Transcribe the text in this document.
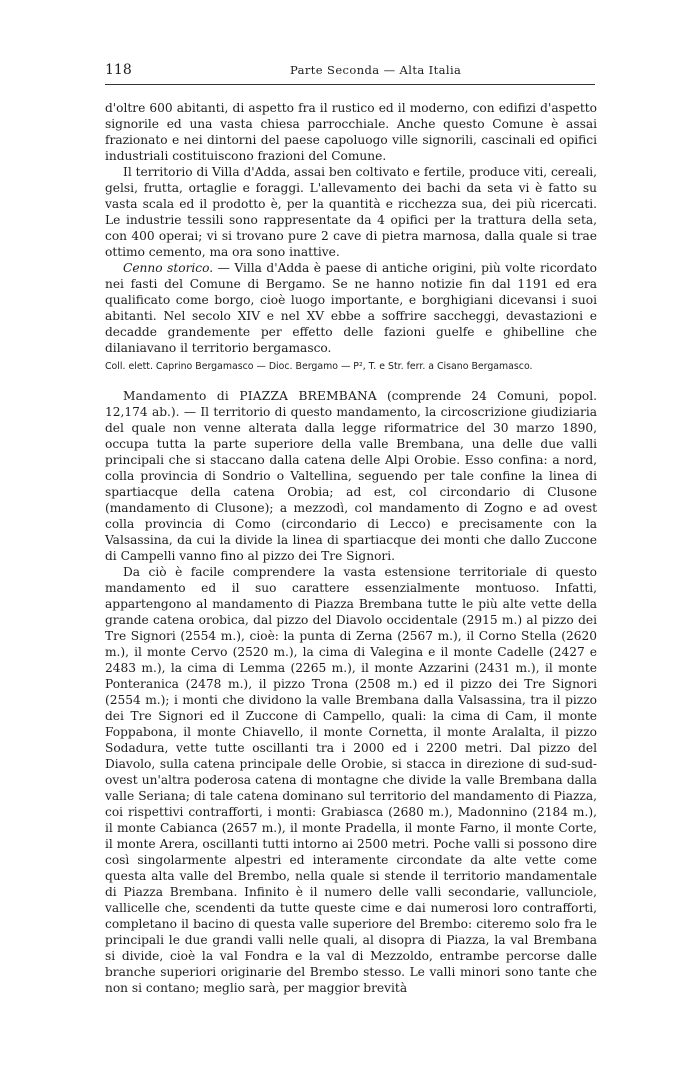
118	Parte Seconda — Alta Italia

d'oltre 600 abitanti, di aspetto fra il rustico ed il moderno, con edifizi d'aspetto signorile ed una vasta chiesa parrocchiale. Anche questo Comune è assai frazionato e nei dintorni del paese capoluogo ville signorili, cascinali ed opifici industriali costituiscono frazioni del Comune.

Il territorio di Villa d'Adda, assai ben coltivato e fertile, produce viti, cereali, gelsi, frutta, ortaglie e foraggi. L'allevamento dei bachi da seta vi è fatto su vasta scala ed il prodotto è, per la quantità e ricchezza sua, dei più ricercati. Le industrie tessili sono rappresentate da 4 opifici per la trattura della seta, con 400 operai; vi si trovano pure 2 cave di pietra marnosa, dalla quale si trae ottimo cemento, ma ora sono inattive.

Cenno storico. — Villa d'Adda è paese di antiche origini, più volte ricordato nei fasti del Comune di Bergamo. Se ne hanno notizie fin dal 1191 ed era qualificato come borgo, cioè luogo importante, e borghigiani dicevansi i suoi abitanti. Nel secolo XIV e nel XV ebbe a soffrire saccheggi, devastazioni e decadde grandemente per effetto delle fazioni guelfe e ghibelline che dilaniavano il territorio bergamasco.

Coll. elett. Caprino Bergamasco — Dioc. Bergamo — P², T. e Str. ferr. a Cisano Bergamasco.

Mandamento di PIAZZA BREMBANA (comprende 24 Comuni, popol. 12,174 ab.). — Il territorio di questo mandamento, la circoscrizione giudiziaria del quale non venne alterata dalla legge riformatrice del 30 marzo 1890, occupa tutta la parte superiore della valle Brembana, una delle due valli principali che si staccano dalla catena delle Alpi Orobie. Esso confina: a nord, colla provincia di Sondrio o Valtellina, seguendo per tale confine la linea di spartiacque della catena Orobia; ad est, col circondario di Clusone (mandamento di Clusone); a mezzodì, col mandamento di Zogno e ad ovest colla provincia di Como (circondario di Lecco) e precisamente con la Valsassina, da cui la divide la linea di spartiacque dei monti che dallo Zuccone di Campelli vanno fino al pizzo dei Tre Signori.

Da ciò è facile comprendere la vasta estensione territoriale di questo mandamento ed il suo carattere essenzialmente montuoso. Infatti, appartengono al mandamento di Piazza Brembana tutte le più alte vette della grande catena orobica, dal pizzo del Diavolo occidentale (2915 m.) al pizzo dei Tre Signori (2554 m.), cioè: la punta di Zerna (2567 m.), il Corno Stella (2620 m.), il monte Cervo (2520 m.), la cima di Valegina e il monte Cadelle (2427 e 2483 m.), la cima di Lemma (2265 m.), il monte Azzarini (2431 m.), il monte Ponteranica (2478 m.), il pizzo Trona (2508 m.) ed il pizzo dei Tre Signori (2554 m.); i monti che dividono la valle Brembana dalla Valsassina, tra il pizzo dei Tre Signori ed il Zuccone di Campello, quali: la cima di Cam, il monte Foppabona, il monte Chiavello, il monte Cornetta, il monte Aralalta, il pizzo Sodadura, vette tutte oscillanti tra i 2000 ed i 2200 metri. Dal pizzo del Diavolo, sulla catena principale delle Orobie, si stacca in direzione di sud-sud-ovest un'altra poderosa catena di montagne che divide la valle Brembana dalla valle Seriana; di tale catena dominano sul territorio del mandamento di Piazza, coi rispettivi contrafforti, i monti: Grabiasca (2680 m.), Madonnino (2184 m.), il monte Cabianca (2657 m.), il monte Pradella, il monte Farno, il monte Corte, il monte Arera, oscillanti tutti intorno ai 2500 metri. Poche valli si possono dire così singolarmente alpestri ed interamente circondate da alte vette come questa alta valle del Brembo, nella quale si stende il territorio mandamentale di Piazza Brembana. Infinito è il numero delle valli secondarie, vallunciole, vallicelle che, scendenti da tutte queste cime e dai numerosi loro contrafforti, completano il bacino di questa valle superiore del Brembo: citeremo solo fra le principali le due grandi valli nelle quali, al disopra di Piazza, la val Brembana si divide, cioè la val Fondra e la val di Mezzoldo, entrambe percorse dalle branche superiori originarie del Brembo stesso. Le valli minori sono tante che non si contano; meglio sarà, per maggior brevità
